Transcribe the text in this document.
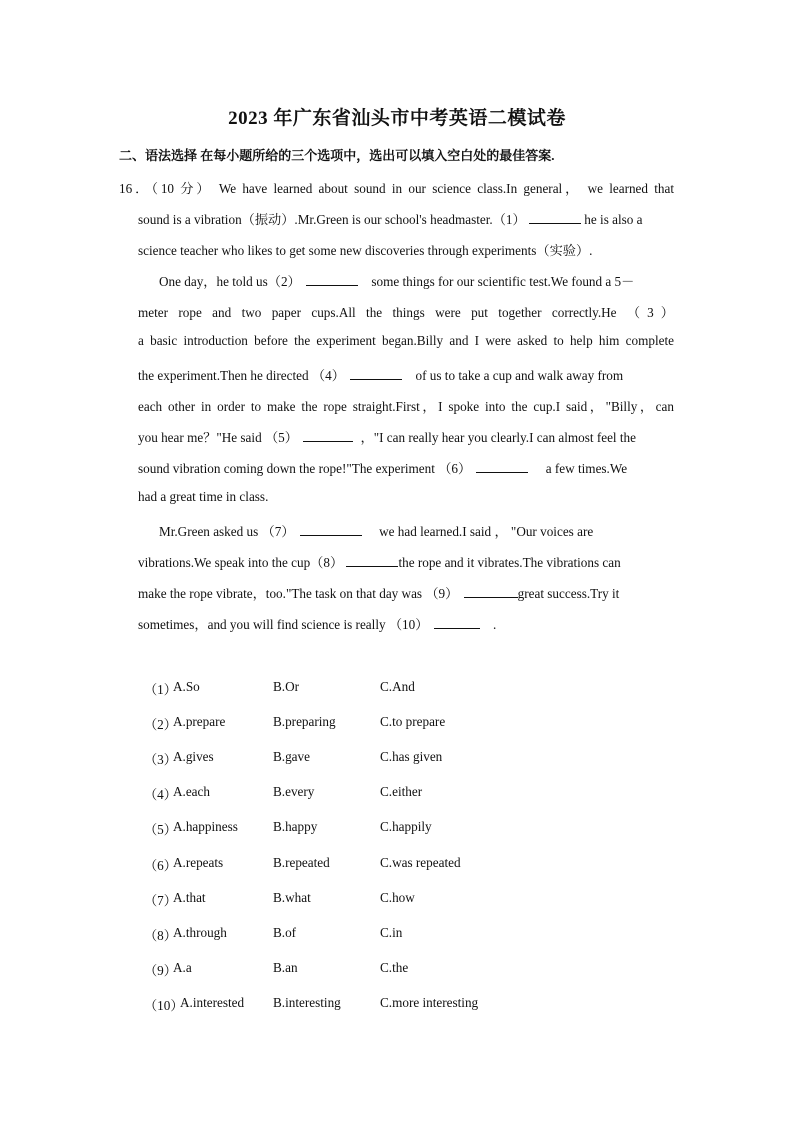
2023 年广东省汕头市中考英语二模试卷
二、语法选择 在每小题所给的三个选项中，选出可以填入空白处的最佳答案.
16．（10 分） We have learned about sound in our science class.In general， we learned that
sound is a vibration（振动）.Mr.Green is our school's headmaster.（1）	he is also a
science teacher who likes to get some new discoveries through experiments（实验）.
One day，he told us（2）	some things for our scientific test.We found a 5－
meter rope and two paper cups.All the things were put together correctly.He （3）
a basic introduction before the experiment began.Billy and I were asked to help him complete
the experiment.Then he directed （4）	of us to take a cup and walk away from
each other in order to make the rope straight.First，I spoke into the cup.I said，"Billy，can
you hear me？"He said （5）	，"I can really hear you clearly.I can almost feel the
sound vibration coming down the rope!"The experiment （6）	a few times.We
had a great time in class.
Mr.Green asked us （7）	we had learned.I said ， "Our voices are
vibrations.We speak into the cup（8）	the rope and it vibrates.The vibrations can
make the rope vibrate，too."The task on that day was （9）	great success.Try it
sometimes，and you will find science is really （10）	.
（1）
A.So	B.Or	C.And
（2）
A.prepare	B.preparing	C.to prepare
（3）
A.gives	B.gave	C.has given
（4）
A.each	B.every	C.either
（5）
A.happiness	B.happy	C.happily
（6）
A.repeats	B.repeated	C.was repeated
（7）
A.that	B.what	C.how
（8）
A.through	B.of	C.in
（9）
A.a	B.an	C.the
（10）
A.interested B.interesting	C.more interesting
